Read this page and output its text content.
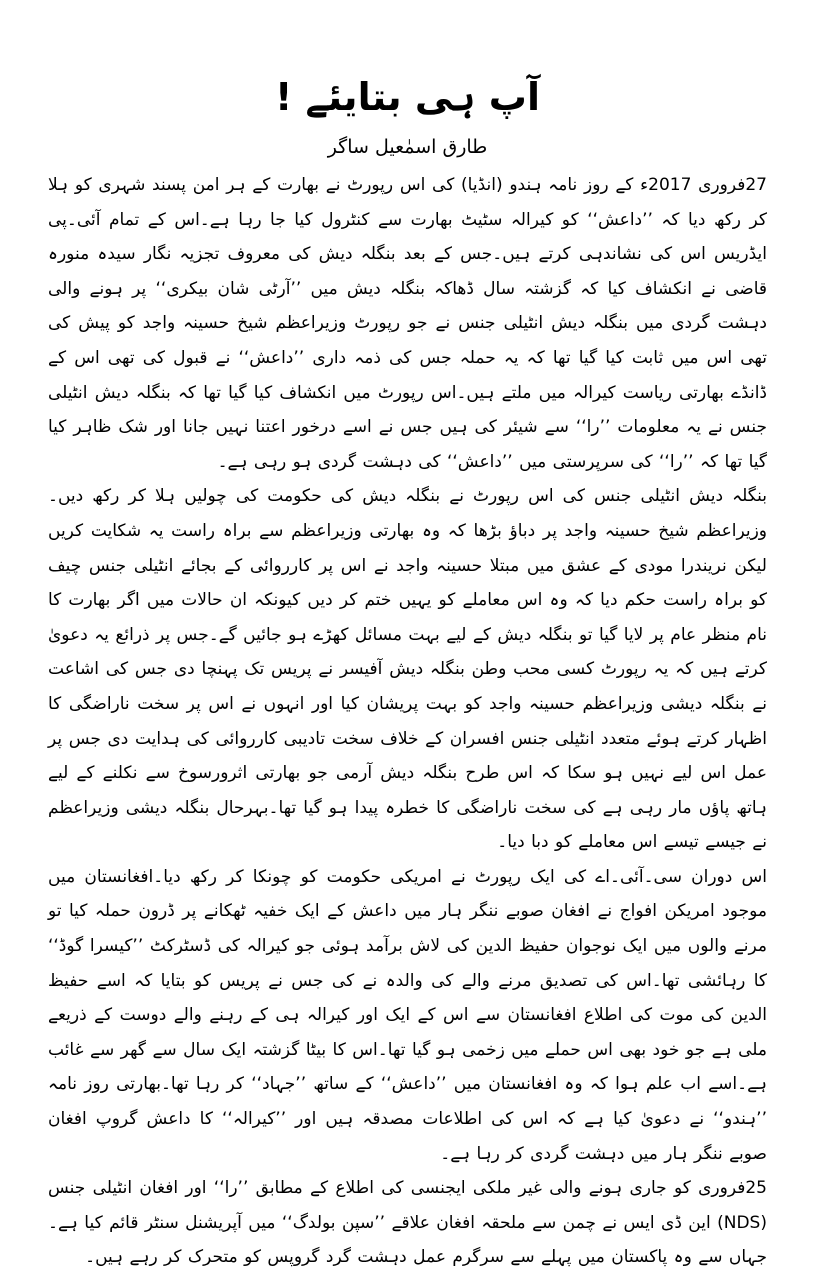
آپ ہی بتایئے !
طارق اسمٰعیل ساگر

27فروری 2017ء کے روز نامہ ہندو (انڈیا) کی اس رپورٹ نے بھارت کے ہر امن پسند شہری کو ہلا کر رکھ دیا کہ ’’داعش‘‘ کو کیرالہ سٹیٹ بھارت سے کنٹرول کیا جا رہا ہے۔اس کے تمام آئی۔پی ایڈریس اس کی نشاندہی کرتے ہیں۔جس کے بعد بنگلہ دیش کی معروف تجزیہ نگار سیدہ منورہ قاضی نے انکشاف کیا کہ گزشتہ سال ڈھاکہ بنگلہ دیش میں ’’آرٹی شان بیکری‘‘ پر ہونے والی دہشت گردی میں بنگلہ دیش انٹیلی جنس نے جو رپورٹ وزیراعظم شیخ حسینہ واجد کو پیش کی تھی اس میں ثابت کیا گیا تھا کہ یہ حملہ جس کی ذمہ داری ’’داعش‘‘ نے قبول کی تھی اس کے ڈانڈے بھارتی ریاست کیرالہ میں ملتے ہیں۔اس رپورٹ میں انکشاف کیا گیا تھا کہ بنگلہ دیش انٹیلی جنس نے یہ معلومات ’’را‘‘ سے شیئر کی ہیں جس نے اسے درخور اعتنا نہیں جانا اور شک ظاہر کیا گیا تھا کہ ’’را‘‘ کی سرپرستی میں ’’داعش‘‘ کی دہشت گردی ہو رہی ہے۔

بنگلہ دیش انٹیلی جنس کی اس رپورٹ نے بنگلہ دیش کی حکومت کی چولیں ہلا کر رکھ دیں۔وزیراعظم شیخ حسینہ واجد پر دباؤ بڑھا کہ وہ بھارتی وزیراعظم سے براہ راست یہ شکایت کریں لیکن نریندرا مودی کے عشق میں مبتلا حسینہ واجد نے اس پر کارروائی کے بجائے انٹیلی جنس چیف کو براہ راست حکم دیا کہ وہ اس معاملے کو یہیں ختم کر دیں کیونکہ ان حالات میں اگر بھارت کا نام منظر عام پر لایا گیا تو بنگلہ دیش کے لیے بہت مسائل کھڑے ہو جائیں گے۔جس پر ذرائع یہ دعویٰ کرتے ہیں کہ یہ رپورٹ کسی محب وطن بنگلہ دیش آفیسر نے پریس تک پہنچا دی جس کی اشاعت نے بنگلہ دیشی وزیراعظم حسینہ واجد کو بہت پریشان کیا اور انہوں نے اس پر سخت ناراضگی کا اظہار کرتے ہوئے متعدد انٹیلی جنس افسران کے خلاف سخت تادیبی کارروائی کی ہدایت دی جس پر عمل اس لیے نہیں ہو سکا کہ اس طرح بنگلہ دیش آرمی جو بھارتی اثرورسوخ سے نکلنے کے لیے ہاتھ پاؤں مار رہی ہے کی سخت ناراضگی کا خطرہ پیدا ہو گیا تھا۔بہرحال بنگلہ دیشی وزیراعظم نے جیسے تیسے اس معاملے کو دبا دیا۔

اس دوران سی۔آئی۔اے کی ایک رپورٹ نے امریکی حکومت کو چونکا کر رکھ دیا۔افغانستان میں موجود امریکن افواج نے افغان صوبے ننگر ہار میں داعش کے ایک خفیہ ٹھکانے پر ڈرون حملہ کیا تو مرنے والوں میں ایک نوجوان حفیظ الدین کی لاش برآمد ہوئی جو کیرالہ کی ڈسٹرکٹ ’’کیسرا گوڈ‘‘ کا رہائشی تھا۔اس کی تصدیق مرنے والے کی والدہ نے کی جس نے پریس کو بتایا کہ اسے حفیظ الدین کی موت کی اطلاع افغانستان سے اس کے ایک اور کیرالہ ہی کے رہنے والے دوست کے ذریعے ملی ہے جو خود بھی اس حملے میں زخمی ہو گیا تھا۔اس کا بیٹا گزشتہ ایک سال سے گھر سے غائب ہے۔اسے اب علم ہوا کہ وہ افغانستان میں ’’داعش‘‘ کے ساتھ ’’جہاد‘‘ کر رہا تھا۔بھارتی روز نامہ ’’ہندو‘‘ نے دعویٰ کیا ہے کہ اس کی اطلاعات مصدقہ ہیں اور ’’کیرالہ‘‘ کا داعش گروپ افغان صوبے ننگر ہار میں دہشت گردی کر رہا ہے۔

25فروری کو جاری ہونے والی غیر ملکی ایجنسی کی اطلاع کے مطابق ’’را‘‘ اور افغان انٹیلی جنس (NDS) این ڈی ایس نے چمن سے ملحقہ افغان علاقے ’’سپن بولدگ‘‘ میں آپریشنل سنٹر قائم کیا ہے۔جہاں سے وہ پاکستان میں پہلے سے سرگرم عمل دہشت گرد گروپس کو متحرک کر رہے ہیں۔
